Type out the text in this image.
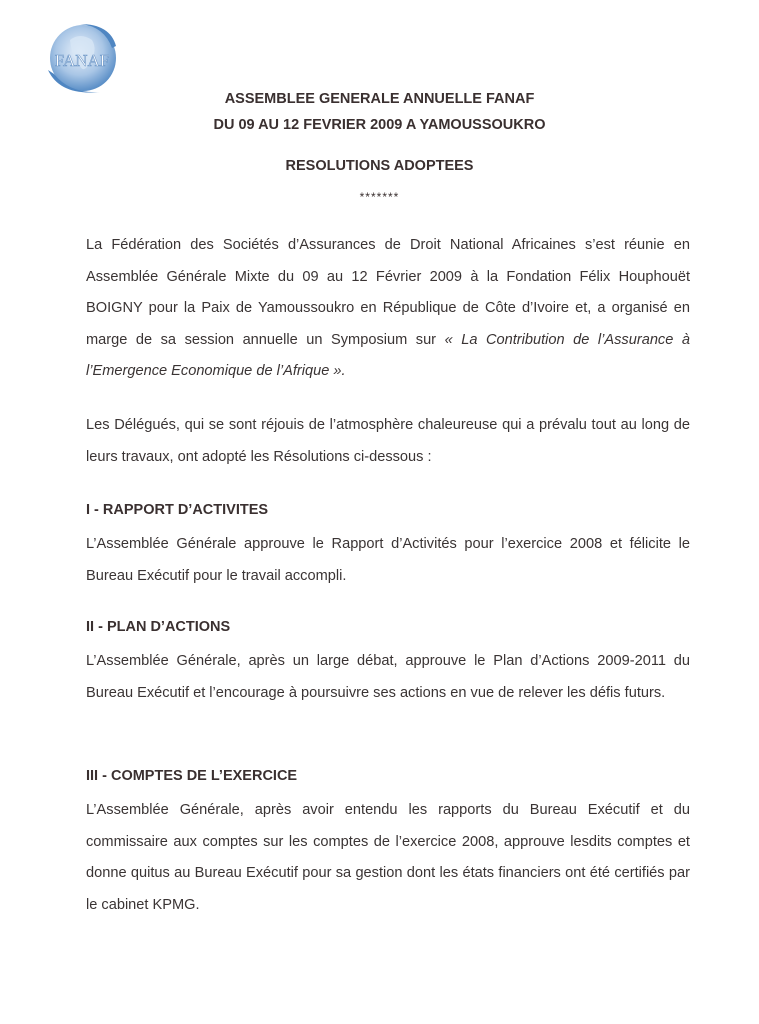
FANAF
ASSEMBLEE GENERALE ANNUELLE FANAF
DU 09 AU 12 FEVRIER 2009 A YAMOUSSOUKRO
RESOLUTIONS ADOPTEES
*******

La Fédération des Sociétés d’Assurances de Droit National Africaines s’est réunie en Assemblée Générale Mixte du 09 au 12 Février 2009 à la Fondation Félix Houphouët BOIGNY pour la Paix de Yamoussoukro en République de Côte d’Ivoire et, a organisé en marge de sa session annuelle un Symposium sur « La Contribution de l’Assurance à l’Emergence Economique de l’Afrique ».

Les Délégués, qui se sont réjouis de l’atmosphère chaleureuse qui a prévalu tout au long de leurs travaux, ont adopté les Résolutions ci-dessous :

I - RAPPORT D’ACTIVITES

L’Assemblée Générale approuve le Rapport d’Activités pour l’exercice 2008 et félicite le Bureau Exécutif pour le travail accompli.

II - PLAN D’ACTIONS

L’Assemblée Générale, après un large débat, approuve le Plan d’Actions 2009-2011 du Bureau Exécutif et l’encourage à poursuivre ses actions en vue de relever les défis futurs.

III - COMPTES DE L’EXERCICE

L’Assemblée Générale, après avoir entendu les rapports du Bureau Exécutif et du commissaire aux comptes sur les comptes de l’exercice 2008, approuve lesdits comptes et donne quitus au Bureau Exécutif pour sa gestion dont les états financiers ont été certifiés par le cabinet KPMG.
